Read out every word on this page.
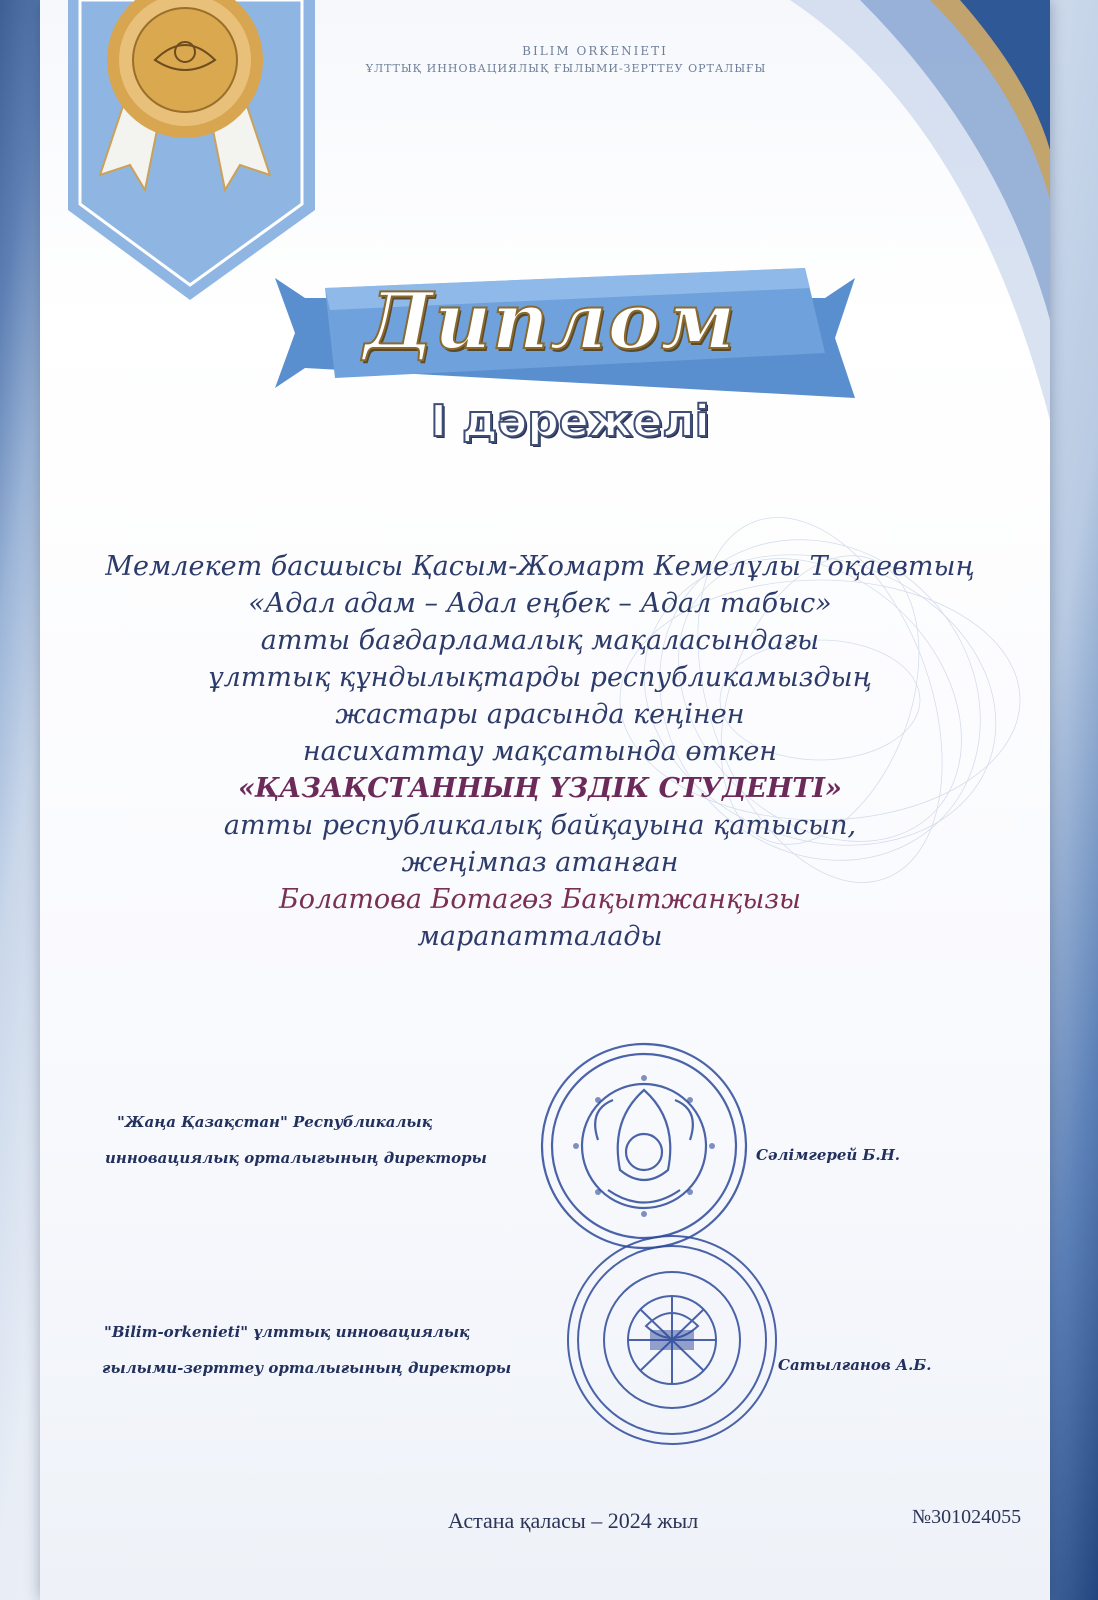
BILIM ORKENIETI
ҰЛТТЫҚ ИННОВАЦИЯЛЫҚ ҒЫЛЫМИ-ЗЕРТТЕУ ОРТАЛЫҒЫ
Диплом
І дәрежелі
Мемлекет басшысы Қасым-Жомарт Кемелұлы Тоқаевтың
«Адал адам – Адал еңбек – Адал табыс»
атты бағдарламалық мақаласындағы
ұлттық құндылықтарды республикамыздың
жастары арасында кеңінен
насихаттау мақсатында өткен
«ҚАЗАҚСТАННЫҢ ҮЗДІК СТУДЕНТІ»
атты республикалық байқауына қатысып,
жеңімпаз атанған
Болатова Ботагөз Бақытжанқызы
марапатталады
"Жаңа Қазақстан" Республикалық
инновациялық орталығының директоры	Сәлімгерей Б.Н.
"Bilim-orkenieti" ұлттық инновациялық
ғылыми-зерттеу орталығының директоры	Сатылғанов А.Б.
Астана қаласы – 2024 жыл	№301024055
